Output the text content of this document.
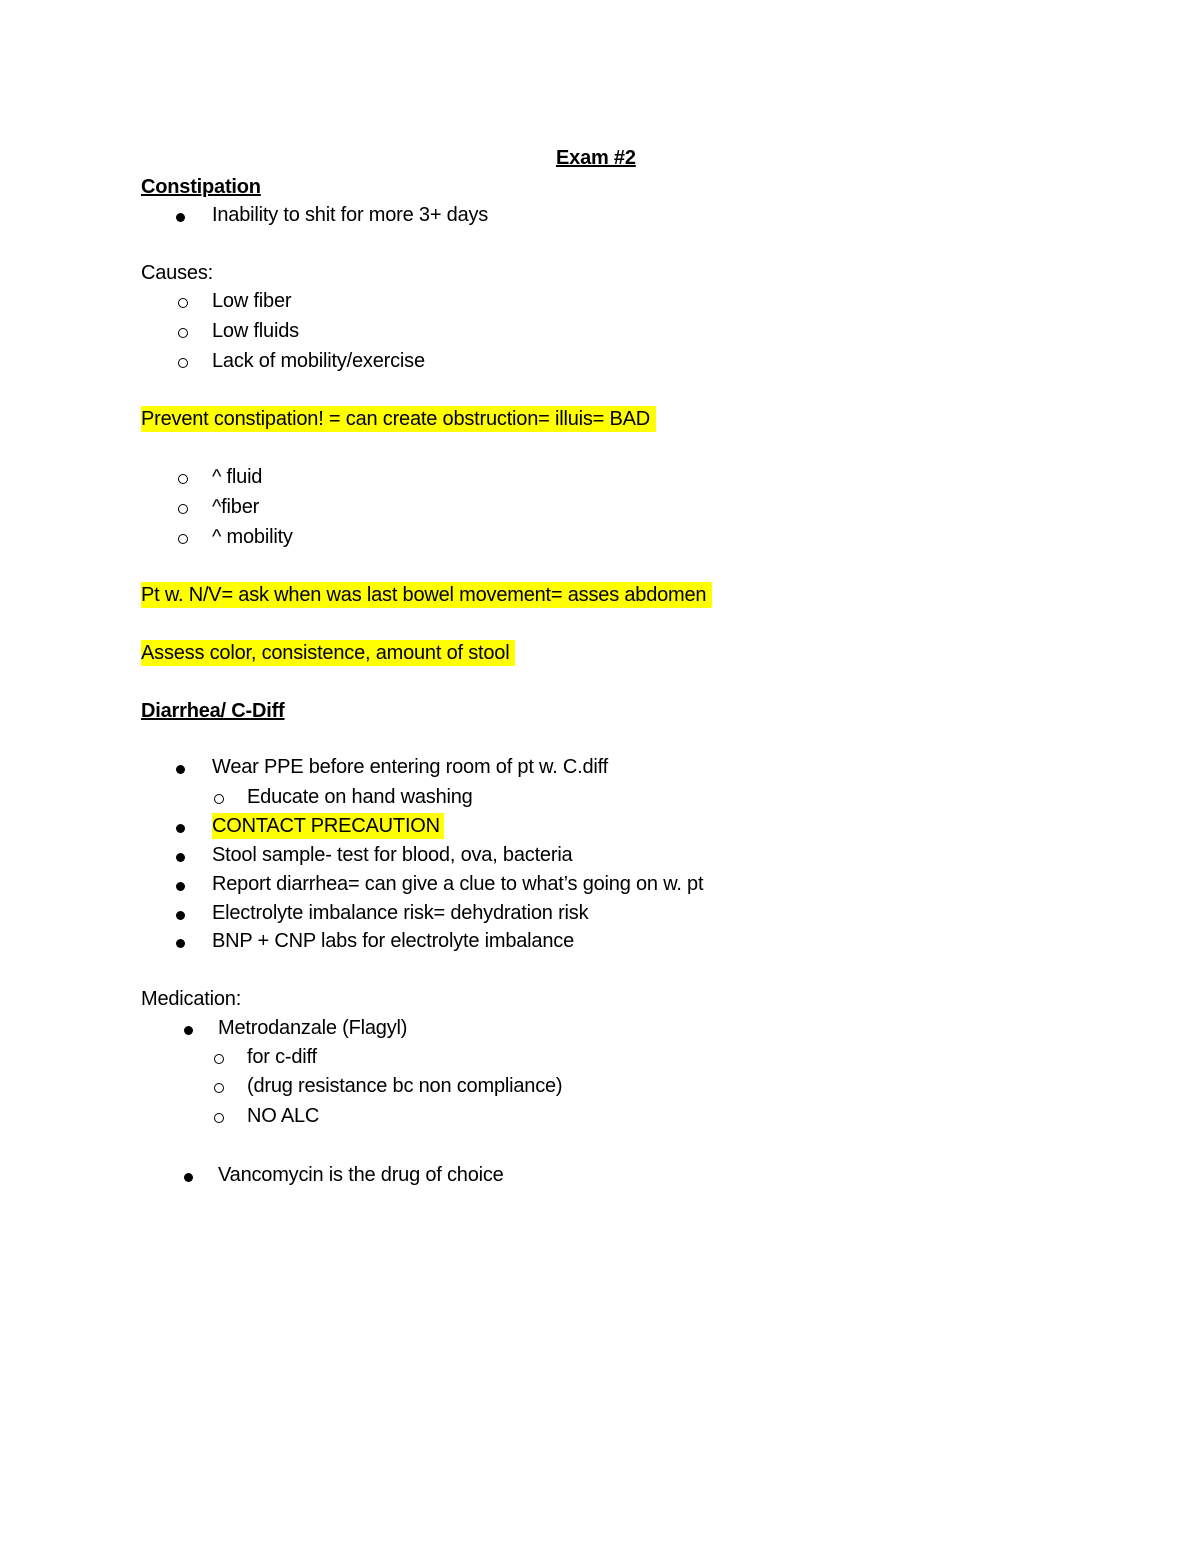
Exam #2
Constipation
Inability to shit for more 3+ days
Causes:
Low fiber
Low fluids
Lack of mobility/exercise
Prevent constipation! = can create obstruction= illuis= BAD
^ fluid
^fiber
^ mobility
Pt w. N/V= ask when was last bowel movement= asses abdomen
Assess color, consistence, amount of stool
Diarrhea/ C-Diff
Wear PPE before entering room of pt w. C.diff
Educate on hand washing
CONTACT PRECAUTION
Stool sample- test for blood, ova, bacteria
Report diarrhea= can give a clue to what’s going on w. pt
Electrolyte imbalance risk= dehydration risk
BNP + CNP labs for electrolyte imbalance
Medication:
Metrodanzale (Flagyl)
for c-diff
(drug resistance bc non compliance)
NO ALC
Vancomycin is the drug of choice
